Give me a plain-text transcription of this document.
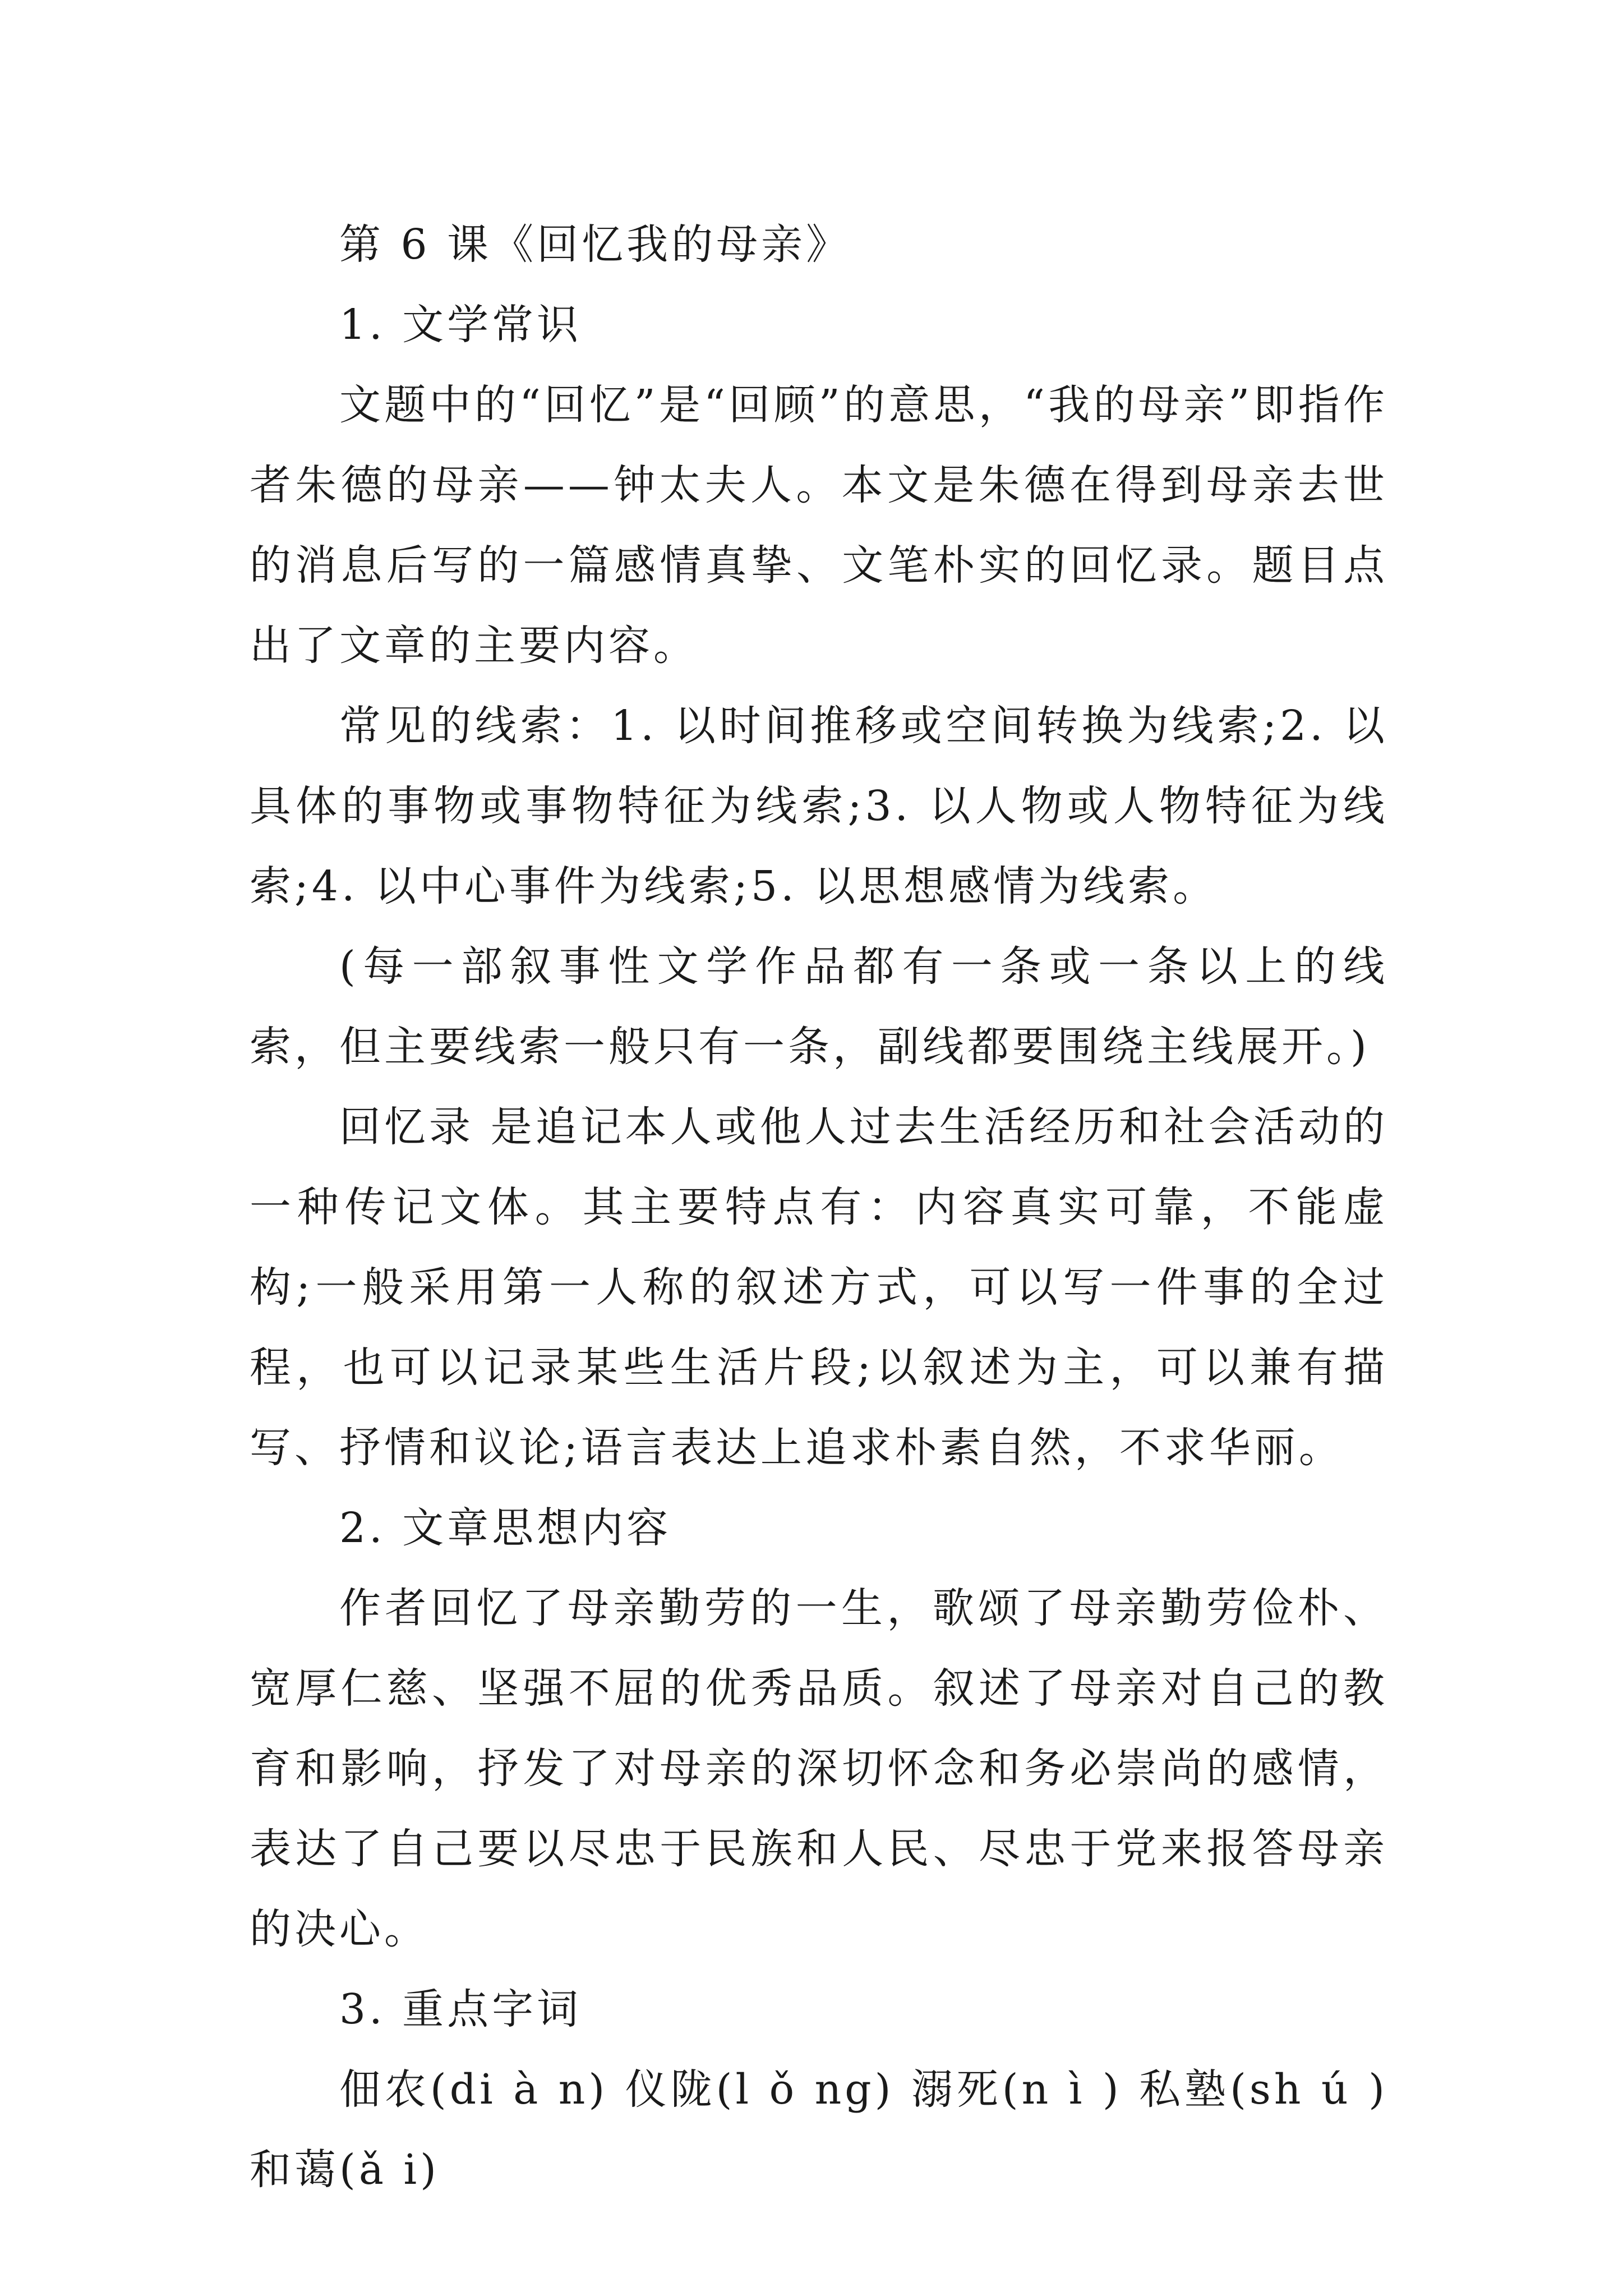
第 6 课《回忆我的母亲》

1. 文学常识

文题中的“回忆”是“回顾”的意思，“我的母亲”即指作者朱德的母亲——钟太夫人。本文是朱德在得到母亲去世的消息后写的一篇感情真挚、文笔朴实的回忆录。题目点出了文章的主要内容。

常见的线索：1. 以时间推移或空间转换为线索;2. 以具体的事物或事物特征为线索;3. 以人物或人物特征为线索;4. 以中心事件为线索;5. 以思想感情为线索。

(每一部叙事性文学作品都有一条或一条以上的线索，但主要线索一般只有一条，副线都要围绕主线展开。)

回忆录 是追记本人或他人过去生活经历和社会活动的一种传记文体。其主要特点有：内容真实可靠，不能虚构;一般采用第一人称的叙述方式，可以写一件事的全过程，也可以记录某些生活片段;以叙述为主，可以兼有描写、抒情和议论;语言表达上追求朴素自然，不求华丽。

2. 文章思想内容

作者回忆了母亲勤劳的一生，歌颂了母亲勤劳俭朴、宽厚仁慈、坚强不屈的优秀品质。叙述了母亲对自己的教育和影响，抒发了对母亲的深切怀念和务必崇尚的感情，表达了自己要以尽忠于民族和人民、尽忠于党来报答母亲的决心。

3. 重点字词

佃农(di à n) 仪陇(l ǒ ng) 溺死(n ì ) 私塾(sh ú ) 和蔼(ǎ i)
